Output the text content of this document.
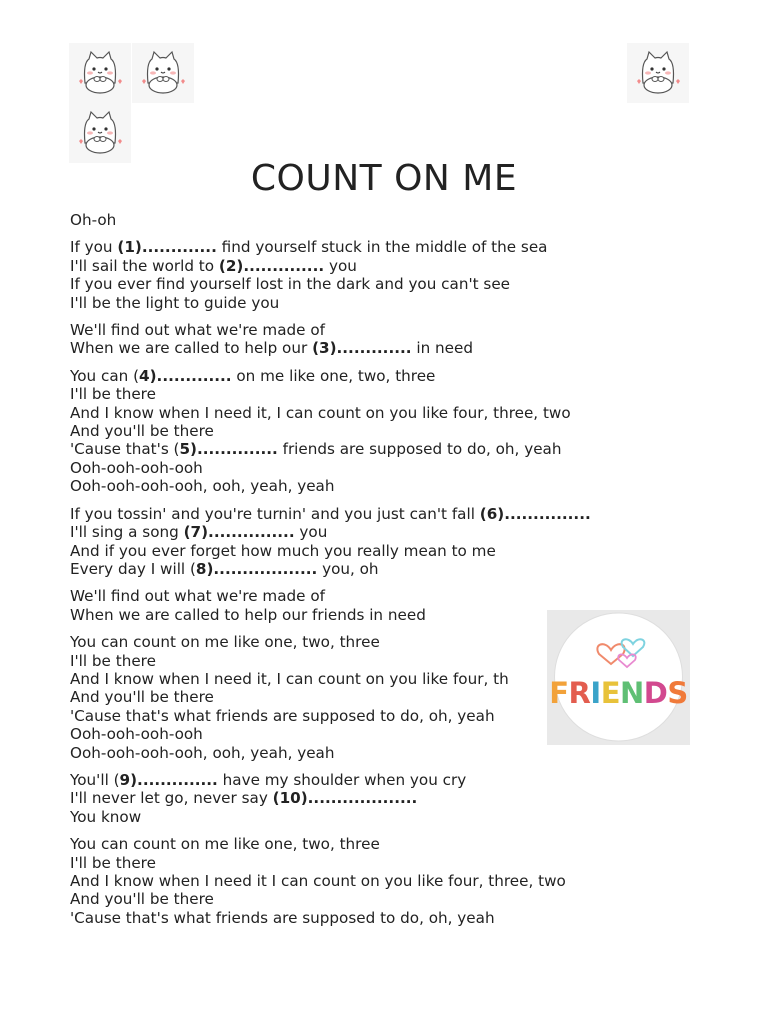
COUNT ON ME
Oh-oh
If you (1)............. find yourself stuck in the middle of the sea
I'll sail the world to (2).............. you
If you ever find yourself lost in the dark and you can't see
I'll be the light to guide you
We'll find out what we're made of
When we are called to help our (3)............. in need
You can (4)............. on me like one, two, three
I'll be there
And I know when I need it, I can count on you like four, three, two
And you'll be there
'Cause that's (5).............. friends are supposed to do, oh, yeah
Ooh-ooh-ooh-ooh
Ooh-ooh-ooh-ooh, ooh, yeah, yeah
If you tossin' and you're turnin' and you just can't fall (6)...............
I'll sing a song (7)............... you
And if you ever forget how much you really mean to me
Every day I will (8).................. you, oh
We'll find out what we're made of
When we are called to help our friends in need
You can count on me like one, two, three
I'll be there
And I know when I need it, I can count on you like four, th
And you'll be there
'Cause that's what friends are supposed to do, oh, yeah
Ooh-ooh-ooh-ooh
Ooh-ooh-ooh-ooh, ooh, yeah, yeah
You'll (9).............. have my shoulder when you cry
I'll never let go, never say (10)...................
You know
You can count on me like one, two, three
I'll be there
And I know when I need it I can count on you like four, three, two
And you'll be there
'Cause that's what friends are supposed to do, oh, yeah
FRIENDS
